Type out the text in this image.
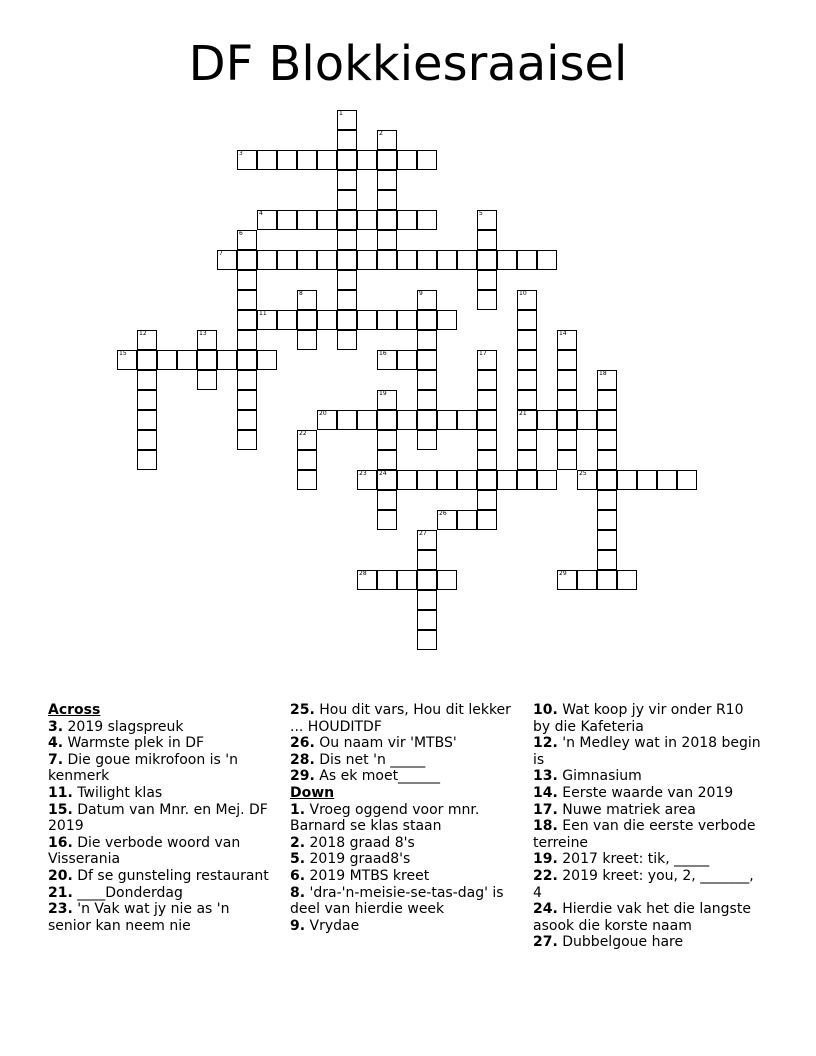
DF Blokkiesraaisel
3
4
7
11
15	16
20	21
23 24	25
26
28	29
1
2
5
6
8	9	10
12	13	14
17
18
19
22
27

Across

3. 2019 slagspreuk

4. Warmste plek in DF

7. Die goue mikrofoon is 'n kenmerk

11. Twilight klas

15. Datum van Mnr. en Mej. DF 2019

16. Die verbode woord van Visserania

20. Df se gunsteling restaurant

21. ____Donderdag

23. 'n Vak wat jy nie as 'n senior kan neem nie

25. Hou dit vars, Hou dit lekker ... HOUDITDF

26. Ou naam vir 'MTBS'

28. Dis net 'n _____

29. As ek moet______

Down

1. Vroeg oggend voor mnr. Barnard se klas staan

2. 2018 graad 8's

5. 2019 graad8's

6. 2019 MTBS kreet

8. 'dra-'n-meisie-se-tas-dag' is deel van hierdie week

9. Vrydae

10. Wat koop jy vir onder R10 by die Kafeteria

12. 'n Medley wat in 2018 begin is

13. Gimnasium

14. Eerste waarde van 2019

17. Nuwe matriek area

18. Een van die eerste verbode terreine

19. 2017 kreet: tik, _____

22. 2019 kreet: you, 2, _______, 4

24. Hierdie vak het die langste asook die korste naam

27. Dubbelgoue hare
